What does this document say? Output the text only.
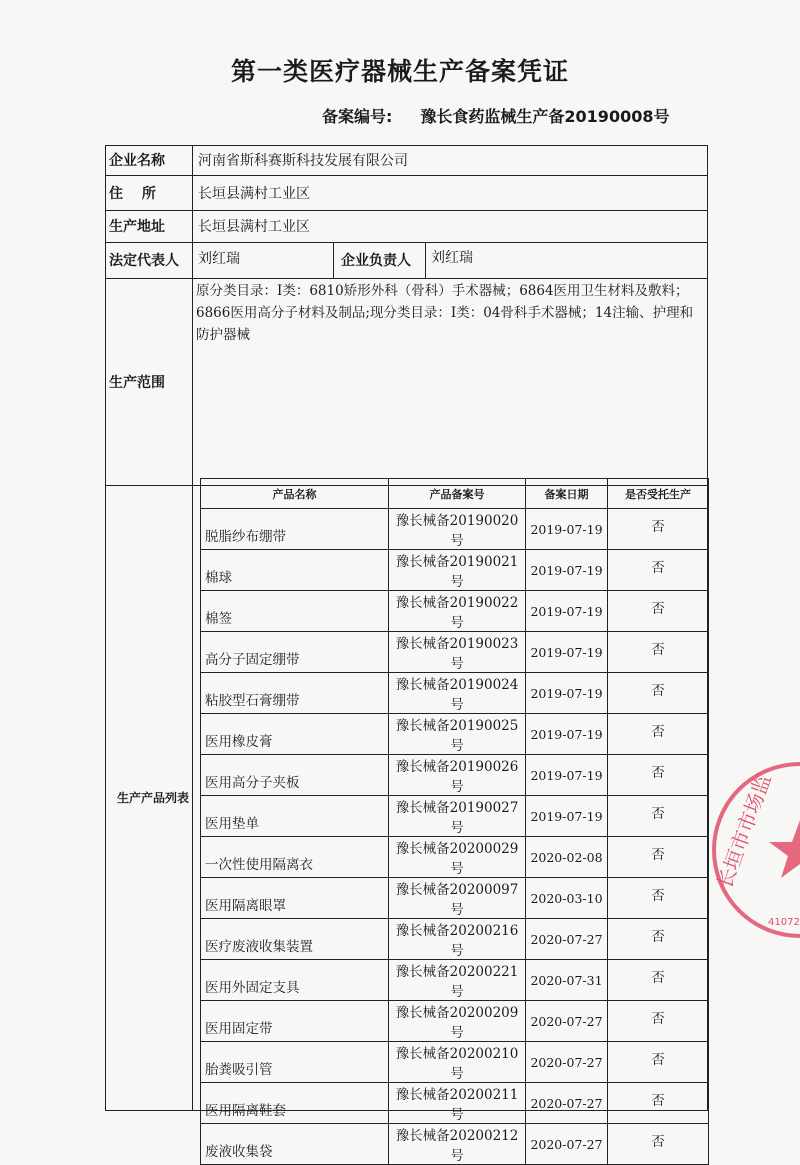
第一类医疗器械生产备案凭证
备案编号: 豫长食药监械生产备20190008号
企业名称	河南省斯科赛斯科技发展有限公司
住　 所	长垣县满村工业区
生产地址	长垣县满村工业区
法定代表人	刘红瑞	企业负责人	刘红瑞
生产范围
原分类目录：Ⅰ类：6810矫形外科（骨科）手术器械；6864医用卫生材料及敷料；6866医用高分子材料及制品;现分类目录：Ⅰ类：04骨科手术器械；14注输、护理和防护器械
生产产品列表
产品名称	产品备案号	备案日期	是否受托生产
脱脂纱布绷带	豫长械备20190020号	2019-07-19	否
棉球	豫长械备20190021号	2019-07-19	否
棉签	豫长械备20190022号	2019-07-19	否
高分子固定绷带	豫长械备20190023号	2019-07-19	否
粘胶型石膏绷带	豫长械备20190024号	2019-07-19	否
医用橡皮膏	豫长械备20190025号	2019-07-19	否
医用高分子夹板	豫长械备20190026号	2019-07-19	否
医用垫单	豫长械备20190027号	2019-07-19	否
一次性使用隔离衣	豫长械备20200029号	2020-02-08	否
医用隔离眼罩	豫长械备20200097号	2020-03-10	否
医疗废液收集装置	豫长械备20200216号	2020-07-27	否
医用外固定支具	豫长械备20200221号	2020-07-31	否
医用固定带	豫长械备20200209号	2020-07-27	否
胎粪吸引管	豫长械备20200210号	2020-07-27	否
医用隔离鞋套	豫长械备20200211号	2020-07-27	否
废液收集袋	豫长械备20200212号	2020-07-27	否
长垣市市场监
41072
